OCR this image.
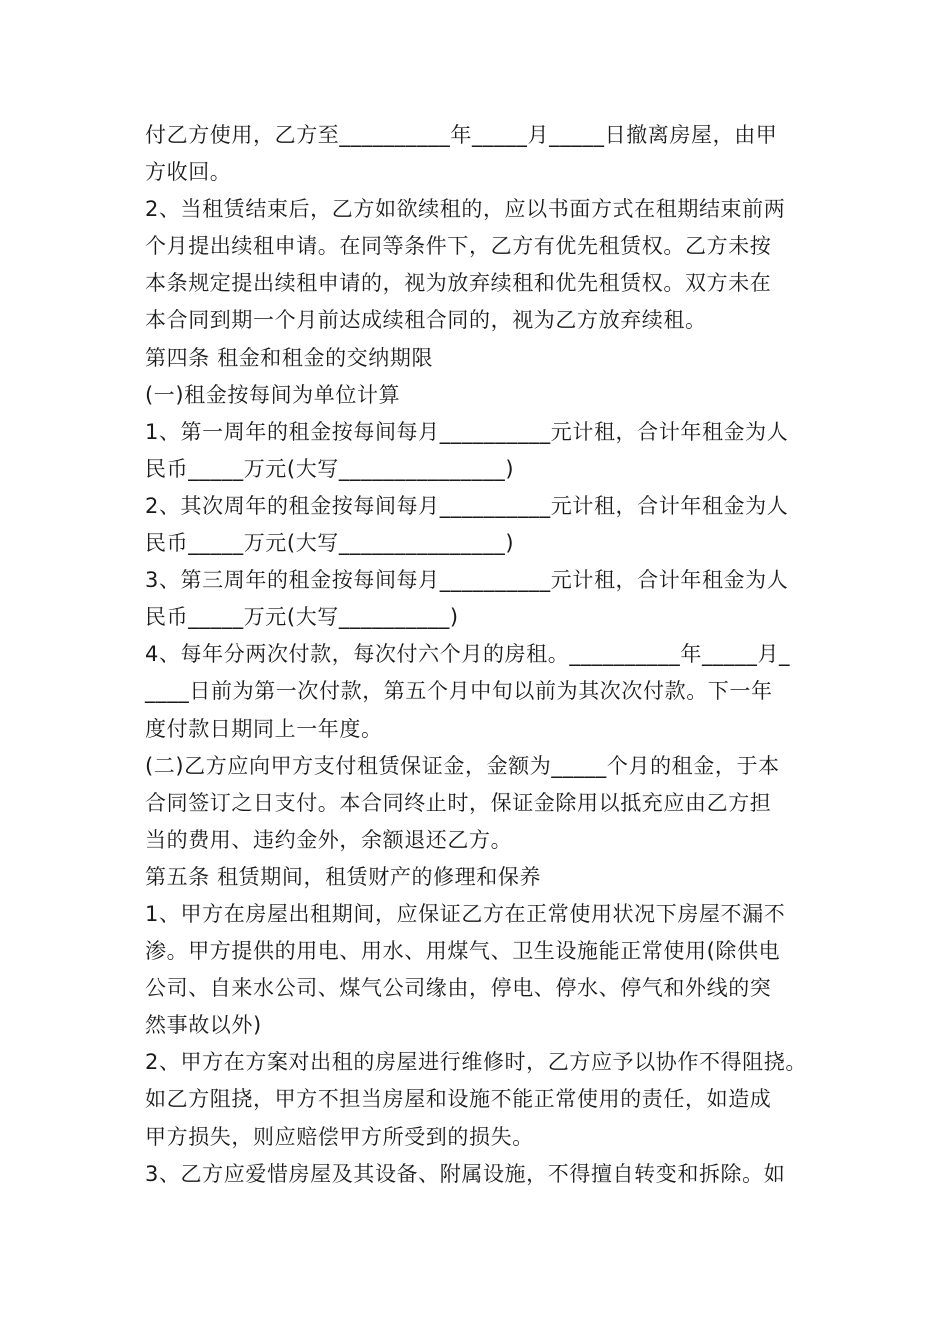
付乙方使用，乙方至__________年_____月_____日撤离房屋，由甲
方收回。
2、当租赁结束后，乙方如欲续租的，应以书面方式在租期结束前两
个月提出续租申请。在同等条件下，乙方有优先租赁权。乙方未按
本条规定提出续租申请的，视为放弃续租和优先租赁权。双方未在
本合同到期一个月前达成续租合同的，视为乙方放弃续租。
第四条 租金和租金的交纳期限
(一)租金按每间为单位计算
1、第一周年的租金按每间每月__________元计租，合计年租金为人
民币_____万元(大写_______________)
2、其次周年的租金按每间每月__________元计租，合计年租金为人
民币_____万元(大写_______________)
3、第三周年的租金按每间每月__________元计租，合计年租金为人
民币_____万元(大写__________)
4、每年分两次付款，每次付六个月的房租。__________年_____月_
____日前为第一次付款，第五个月中旬以前为其次次付款。下一年
度付款日期同上一年度。
(二)乙方应向甲方支付租赁保证金，金额为_____个月的租金，于本
合同签订之日支付。本合同终止时，保证金除用以抵充应由乙方担
当的费用、违约金外，余额退还乙方。
第五条 租赁期间，租赁财产的修理和保养
1、甲方在房屋出租期间，应保证乙方在正常使用状况下房屋不漏不
渗。甲方提供的用电、用水、用煤气、卫生设施能正常使用(除供电
公司、自来水公司、煤气公司缘由，停电、停水、停气和外线的突
然事故以外)
2、甲方在方案对出租的房屋进行维修时，乙方应予以协作不得阻挠。
如乙方阻挠，甲方不担当房屋和设施不能正常使用的责任，如造成
甲方损失，则应赔偿甲方所受到的损失。
3、乙方应爱惜房屋及其设备、附属设施，不得擅自转变和拆除。如
